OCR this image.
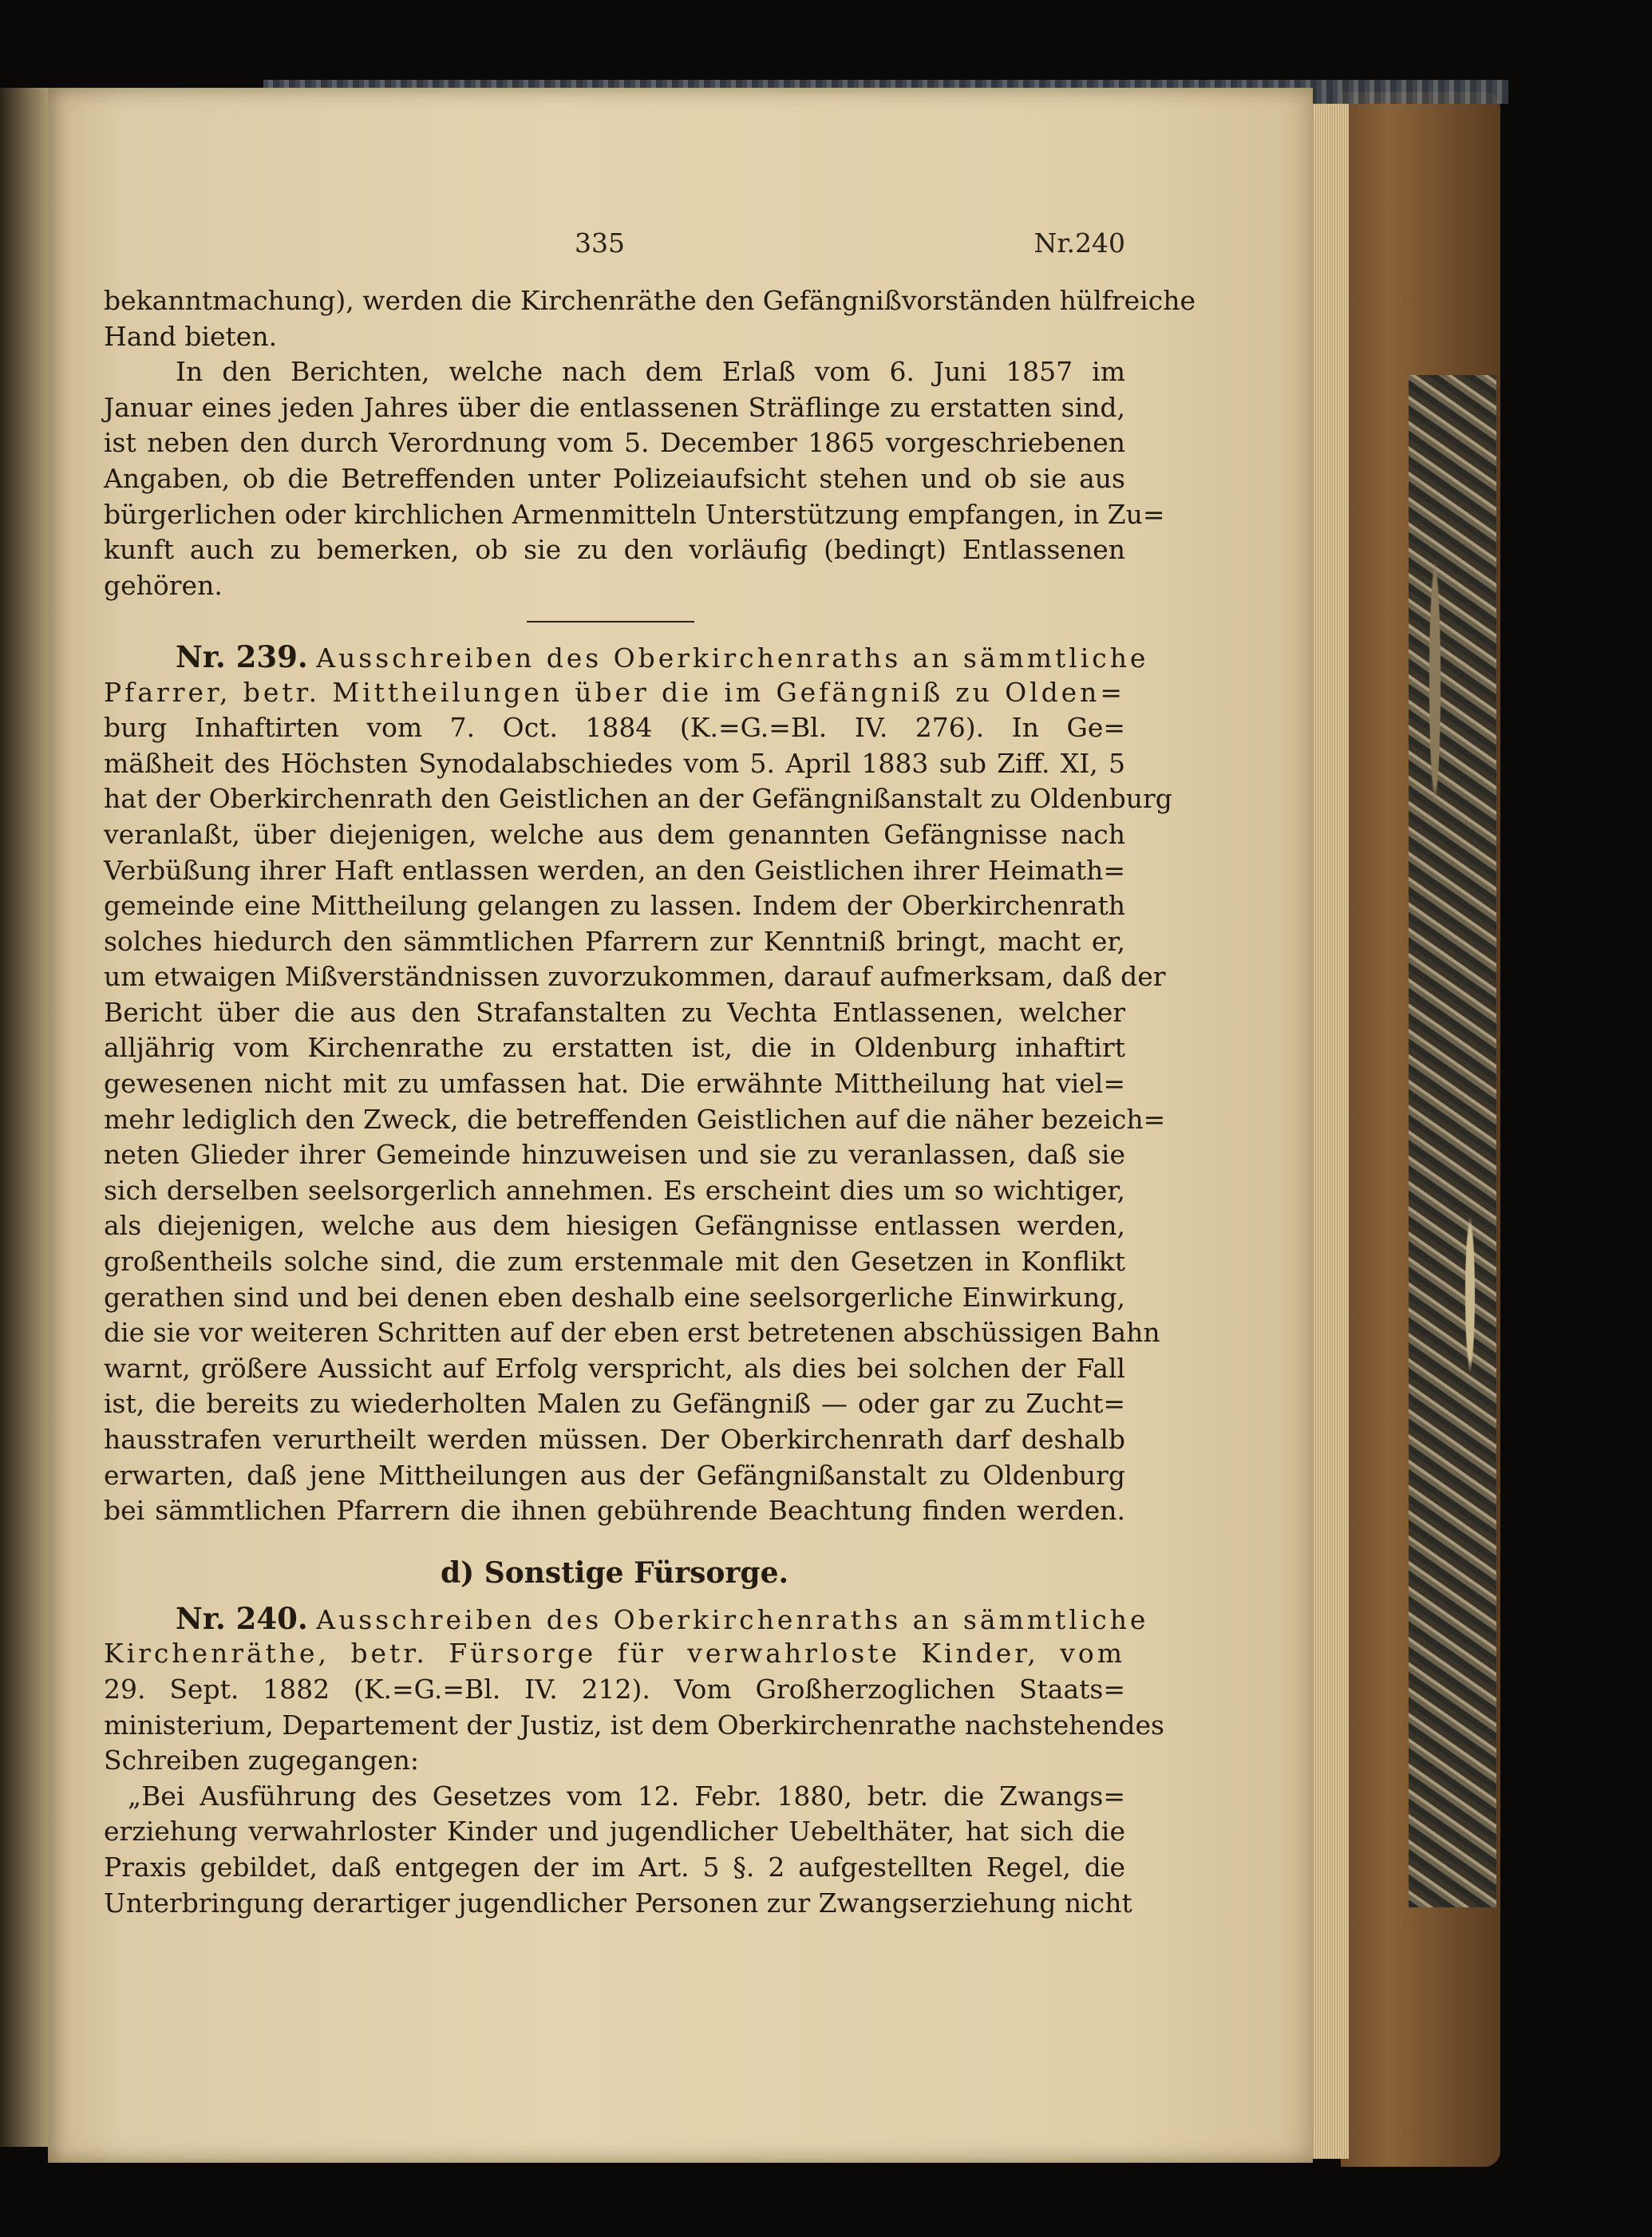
335	Nr.240
bekanntmachung), werden die Kirchenräthe den Gefängnißvorständen hülfreiche
Hand bieten.
In den Berichten, welche nach dem Erlaß vom 6. Juni 1857 im
Januar eines jeden Jahres über die entlassenen Sträflinge zu erstatten sind,
ist neben den durch Verordnung vom 5. December 1865 vorgeschriebenen
Angaben, ob die Betreffenden unter Polizeiaufsicht stehen und ob sie aus
bürgerlichen oder kirchlichen Armenmitteln Unterstützung empfangen, in Zu=
kunft auch zu bemerken, ob sie zu den vorläufig (bedingt) Entlassenen
gehören.
Nr. 239. Ausschreiben des Oberkirchenraths an sämmtliche
Pfarrer, betr. Mittheilungen über die im Gefängniß zu Olden=
burg Inhaftirten vom 7. Oct. 1884 (K.=G.=Bl. IV. 276). In Ge=
mäßheit des Höchsten Synodalabschiedes vom 5. April 1883 sub Ziff. XI, 5
hat der Oberkirchenrath den Geistlichen an der Gefängnißanstalt zu Oldenburg
veranlaßt, über diejenigen, welche aus dem genannten Gefängnisse nach
Verbüßung ihrer Haft entlassen werden, an den Geistlichen ihrer Heimath=
gemeinde eine Mittheilung gelangen zu lassen. Indem der Oberkirchenrath
solches hiedurch den sämmtlichen Pfarrern zur Kenntniß bringt, macht er,
um etwaigen Mißverständnissen zuvorzukommen, darauf aufmerksam, daß der
Bericht über die aus den Strafanstalten zu Vechta Entlassenen, welcher
alljährig vom Kirchenrathe zu erstatten ist, die in Oldenburg inhaftirt
gewesenen nicht mit zu umfassen hat. Die erwähnte Mittheilung hat viel=
mehr lediglich den Zweck, die betreffenden Geistlichen auf die näher bezeich=
neten Glieder ihrer Gemeinde hinzuweisen und sie zu veranlassen, daß sie
sich derselben seelsorgerlich annehmen. Es erscheint dies um so wichtiger,
als diejenigen, welche aus dem hiesigen Gefängnisse entlassen werden,
großentheils solche sind, die zum erstenmale mit den Gesetzen in Konflikt
gerathen sind und bei denen eben deshalb eine seelsorgerliche Einwirkung,
die sie vor weiteren Schritten auf der eben erst betretenen abschüssigen Bahn
warnt, größere Aussicht auf Erfolg verspricht, als dies bei solchen der Fall
ist, die bereits zu wiederholten Malen zu Gefängniß — oder gar zu Zucht=
hausstrafen verurtheilt werden müssen. Der Oberkirchenrath darf deshalb
erwarten, daß jene Mittheilungen aus der Gefängnißanstalt zu Oldenburg
bei sämmtlichen Pfarrern die ihnen gebührende Beachtung finden werden.
d) Sonstige Fürsorge.
Nr. 240. Ausschreiben des Oberkirchenraths an sämmtliche
Kirchenräthe, betr. Fürsorge für verwahrloste Kinder, vom
29. Sept. 1882 (K.=G.=Bl. IV. 212). Vom Großherzoglichen Staats=
ministerium, Departement der Justiz, ist dem Oberkirchenrathe nachstehendes
Schreiben zugegangen:
„Bei Ausführung des Gesetzes vom 12. Febr. 1880, betr. die Zwangs=
erziehung verwahrloster Kinder und jugendlicher Uebelthäter, hat sich die
Praxis gebildet, daß entgegen der im Art. 5 §. 2 aufgestellten Regel, die
Unterbringung derartiger jugendlicher Personen zur Zwangserziehung nicht
